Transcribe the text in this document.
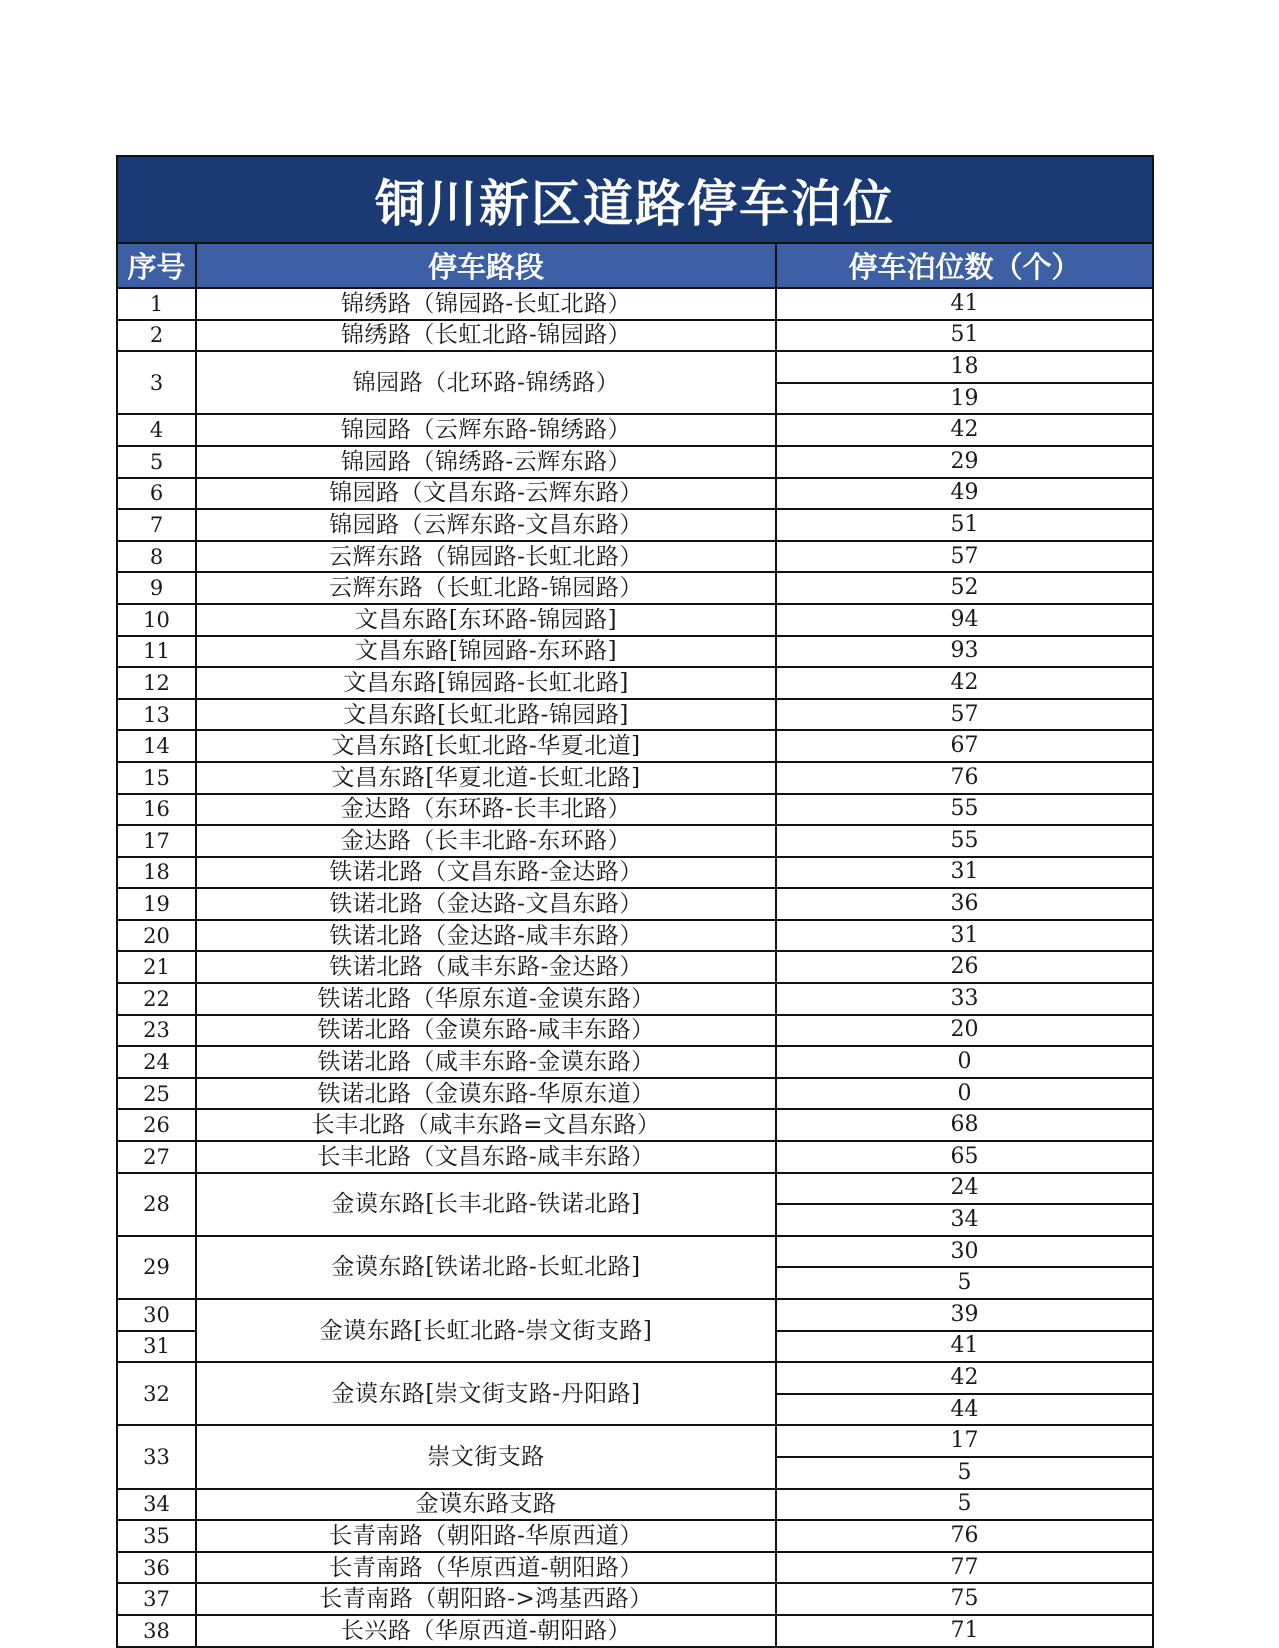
铜川新区道路停车泊位
序号	停车路段	停车泊位数（个）
1	锦绣路（锦园路-长虹北路）	41
2	锦绣路（长虹北路-锦园路）	51
3	锦园路（北环路-锦绣路）	18
		19
4	锦园路（云辉东路-锦绣路）	42
5	锦园路（锦绣路-云辉东路）	29
6	锦园路（文昌东路-云辉东路）	49
7	锦园路（云辉东路-文昌东路）	51
8	云辉东路（锦园路-长虹北路）	57
9	云辉东路（长虹北路-锦园路）	52
10	文昌东路[东环路-锦园路]	94
11	文昌东路[锦园路-东环路]	93
12	文昌东路[锦园路-长虹北路]	42
13	文昌东路[长虹北路-锦园路]	57
14	文昌东路[长虹北路-华夏北道]	67
15	文昌东路[华夏北道-长虹北路]	76
16	金达路（东环路-长丰北路）	55
17	金达路（长丰北路-东环路）	55
18	铁诺北路（文昌东路-金达路）	31
19	铁诺北路（金达路-文昌东路）	36
20	铁诺北路（金达路-咸丰东路）	31
21	铁诺北路（咸丰东路-金达路）	26
22	铁诺北路（华原东道-金谟东路）	33
23	铁诺北路（金谟东路-咸丰东路）	20
24	铁诺北路（咸丰东路-金谟东路）	0
25	铁诺北路（金谟东路-华原东道）	0
26	长丰北路（咸丰东路=文昌东路）	68
27	长丰北路（文昌东路-咸丰东路）	65
28	金谟东路[长丰北路-铁诺北路]	24
		34
29	金谟东路[铁诺北路-长虹北路]	30
		5
30	金谟东路[长虹北路-崇文街支路]	39
31		41
32	金谟东路[崇文街支路-丹阳路]	42
		44
33	崇文街支路	17
		5
34	金谟东路支路	5
35	长青南路（朝阳路-华原西道）	76
36	长青南路（华原西道-朝阳路）	77
37	长青南路（朝阳路->鸿基西路）	75
38	长兴路（华原西道-朝阳路）	71
